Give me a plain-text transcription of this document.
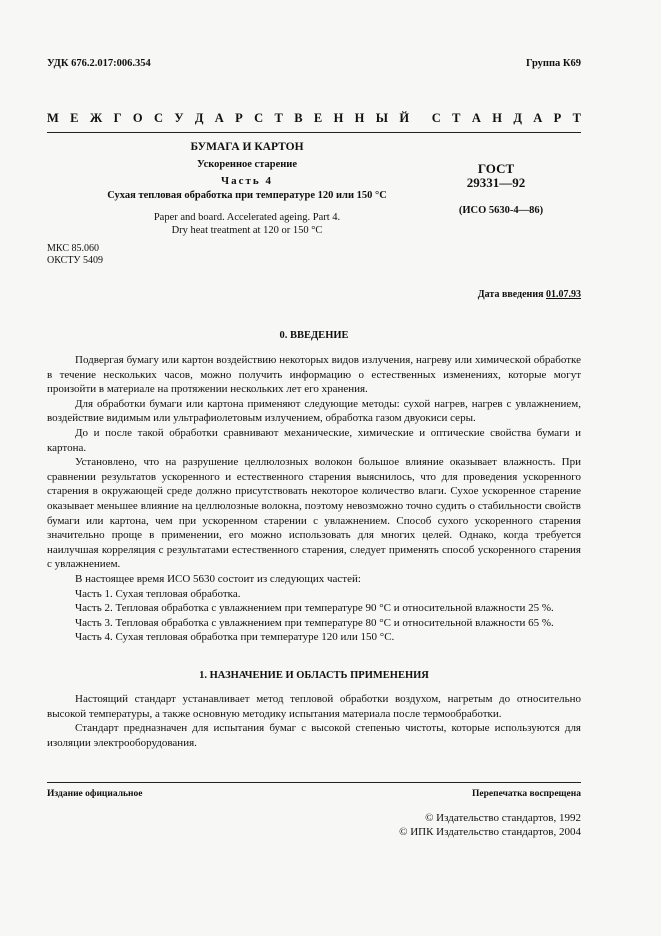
УДК 676.2.017:006.354	Группа К69
М Е Ж Г О С У Д А Р С Т В Е Н Н Ы Й С Т А Н Д А Р Т
БУМАГА И КАРТОН
Ускоренное старение
Часть 4
Сухая тепловая обработка при температуре 120 или 150 °С
Paper and board. Accelerated ageing. Part 4.
Dry heat treatment at 120 or 150 °C
ГОСТ
29331—92
(ИСО 5630-4—86)
МКС 85.060
ОКСТУ 5409
Дата введения 01.07.93
0. ВВЕДЕНИЕ

Подвергая бумагу или картон воздействию некоторых видов излучения, нагреву или химической обработке в течение нескольких часов, можно получить информацию о естественных изменениях, которые могут произойти в материале на протяжении нескольких лет его хранения.

Для обработки бумаги или картона применяют следующие методы: сухой нагрев, нагрев с увлажнением, воздействие видимым или ультрафиолетовым излучением, обработка газом двуокиси серы.

До и после такой обработки сравнивают механические, химические и оптические свойства бумаги и картона.

Установлено, что на разрушение целлюлозных волокон большое влияние оказывает влажность. При сравнении результатов ускоренного и естественного старения выяснилось, что для проведения ускоренного старения в окружающей среде должно присутствовать некоторое количество влаги. Сухое ускоренное старение оказывает меньшее влияние на целлюлозные волокна, поэтому невозможно точно судить о стабильности свойств бумаги или картона, чем при ускоренном старении с увлажнением. Способ сухого ускоренного старения значительно проще в применении, его можно использовать для многих целей. Однако, когда требуется наилучшая корреляция с результатами естественного старения, следует применять способ ускоренного старения с увлажнением.

В настоящее время ИСО 5630 состоит из следующих частей:

Часть 1. Сухая тепловая обработка.

Часть 2. Тепловая обработка с увлажнением при температуре 90 °С и относительной влажности 25 %.

Часть 3. Тепловая обработка с увлажнением при температуре 80 °С и относительной влажности 65 %.

Часть 4. Сухая тепловая обработка при температуре 120 или 150 °С.

1. НАЗНАЧЕНИЕ И ОБЛАСТЬ ПРИМЕНЕНИЯ

Настоящий стандарт устанавливает метод тепловой обработки воздухом, нагретым до относительно высокой температуры, а также основную методику испытания материала после термообработки.

Стандарт предназначен для испытания бумаг с высокой степенью чистоты, которые используются для изоляции электрооборудования.

Издание официальное	Перепечатка воспрещена
© Издательство стандартов, 1992
© ИПК Издательство стандартов, 2004
